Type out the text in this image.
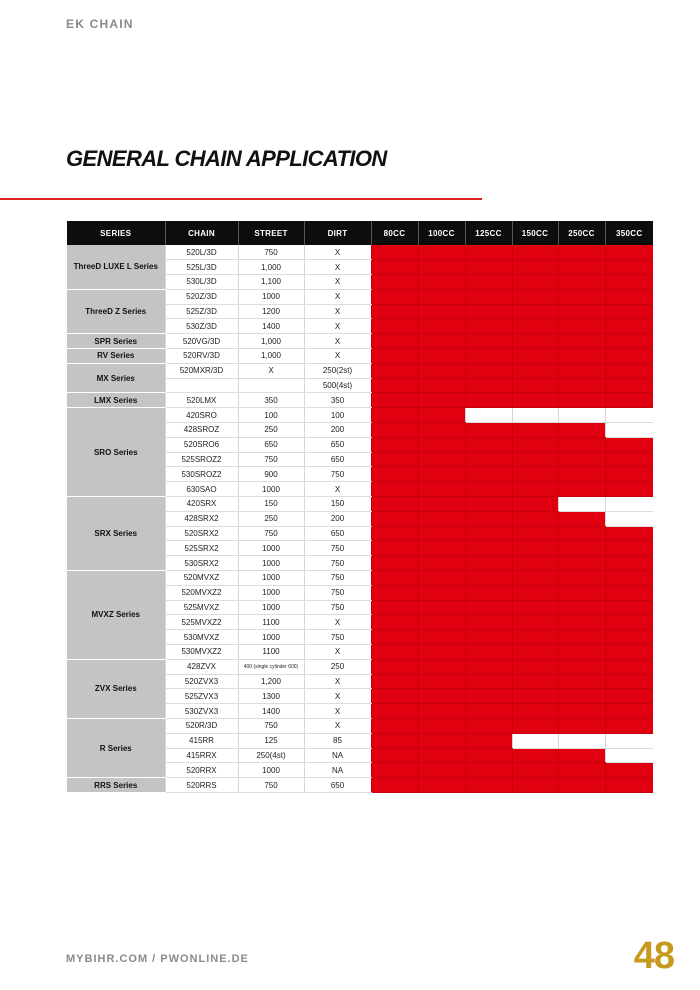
EK CHAIN
GENERAL CHAIN APPLICATION
SERIES	CHAIN	STREET	DIRT	80CC	100CC	125CC	150CC	250CC	350CC
ThreeD LUXE L Series	520L/3D	750	X						
	525L/3D	1,000	X						
	530L/3D	1,100	X						
ThreeD Z Series	520Z/3D	1000	X						
	525Z/3D	1200	X						
	530Z/3D	1400	X						
SPR Series	520VG/3D	1,000	X						
RV Series	520RV/3D	1,000	X						
MX Series	520MXR/3D	X	250(2st)						
			500(4st)						
LMX Series	520LMX	350	350						
SRO Series	420SRO	100	100						
	428SROZ	250	200						
	520SRO6	650	650						
	525SROZ2	750	650						
	530SROZ2	900	750						
	630SAO	1000	X						
SRX Series	420SRX	150	150						
	428SRX2	250	200						
	520SRX2	750	650						
	525SRX2	1000	750						
	530SRX2	1000	750						
MVXZ Series	520MVXZ	1000	750						
	520MVXZ2	1000	750						
	525MVXZ	1000	750						
	525MVXZ2	1100	X						
	530MVXZ	1000	750						
	530MVXZ2	1100	X						
ZVX Series	428ZVX	400 (single cylinder 600)	250						
	520ZVX3	1,200	X						
	525ZVX3	1300	X						
	530ZVX3	1400	X						
R Series	520R/3D	750	X						
	415RR	125	85						
	415RRX	250(4st)	NA						
	520RRX	1000	NA						
RRS Series	520RRS	750	650						
MYBIHR.COM / PWONLINE.DE	48
